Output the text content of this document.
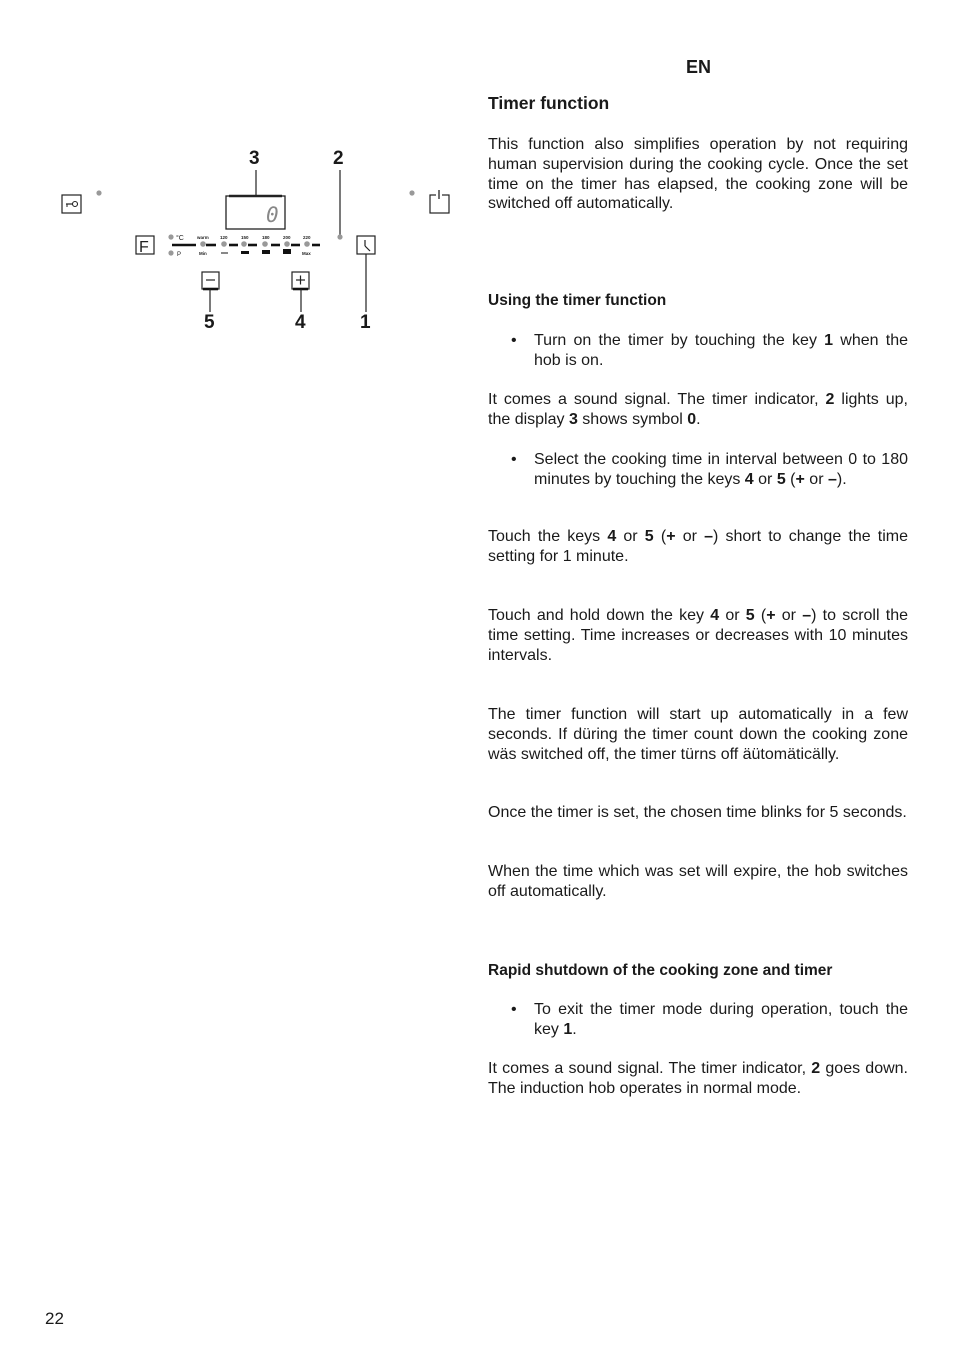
EN
F
0
°C
P
warm 120	150	180	200	220
Min	Max
3	2
1
4
5
Timer function

This function also simplifies operation by not requiring human supervision during the cooking cycle. Once the set time on the timer has elapsed, the cooking zone will be switched off automatically.

Using the timer function
• Turn on the timer by touching the key 1 when the hob is on.

It comes a sound signal. The timer indicator, 2 lights up, the display 3 shows symbol 0.

• Select the cooking time in interval between 0 to 180 minutes by touching the keys 4 or 5 (+ or –).

Touch the keys 4 or 5 (+ or –) short to change the time setting for 1 minute.

Touch and hold down the key 4 or 5 (+ or –) to scroll the time setting. Time increases or decreases with 10 minutes intervals.

The timer function will start up automatically in a few seconds. If düring the timer count down the cooking zone wäs switched off, the timer türns off äütomäticälly.

Once the timer is set, the chosen time blinks for 5 seconds.

When the time which was set will expire, the hob switches off automatically.

Rapid shutdown of the cooking zone and timer
• To exit the timer mode during operation, touch the key 1.

It comes a sound signal. The timer indicator, 2 goes down. The induction hob operates in normal mode.

22
